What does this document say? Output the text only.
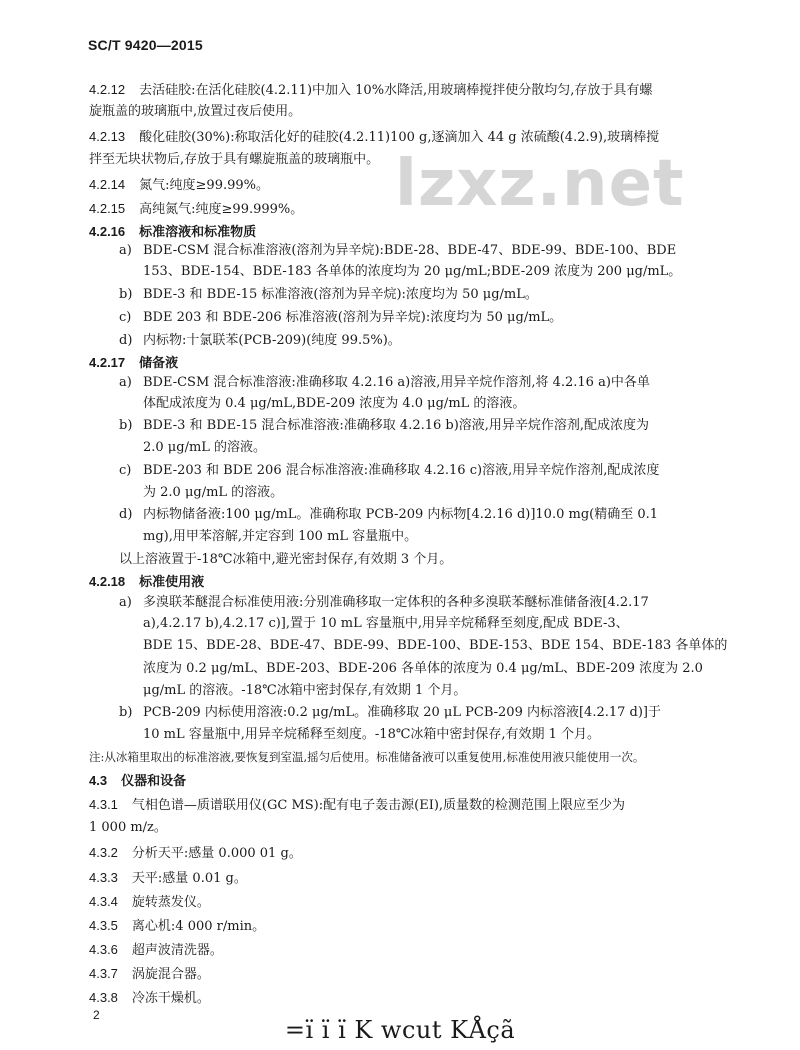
SC/T 9420—2015
lzxz.net
4.2.12 去活硅胶:在活化硅胶(4.2.11)中加入 10%水降活,用玻璃棒搅拌使分散均匀,存放于具有螺
旋瓶盖的玻璃瓶中,放置过夜后使用。
4.2.13 酸化硅胶(30%):称取活化好的硅胶(4.2.11)100 g,逐滴加入 44 g 浓硫酸(4.2.9),玻璃棒搅
拌至无块状物后,存放于具有螺旋瓶盖的玻璃瓶中。
4.2.14 氮气:纯度≥99.99%。
4.2.15 高纯氮气:纯度≥99.999%。
4.2.16 标准溶液和标准物质
a) BDE-CSM 混合标准溶液(溶剂为异辛烷):BDE-28、BDE-47、BDE-99、BDE-100、BDE
153、BDE-154、BDE-183 各单体的浓度均为 20 μg/mL;BDE-209 浓度为 200 μg/mL。
b) BDE-3 和 BDE-15 标准溶液(溶剂为异辛烷):浓度均为 50 μg/mL。
c) BDE 203 和 BDE-206 标准溶液(溶剂为异辛烷):浓度均为 50 μg/mL。
d) 内标物:十氯联苯(PCB-209)(纯度 99.5%)。
4.2.17 储备液
a) BDE-CSM 混合标准溶液:准确移取 4.2.16 a)溶液,用异辛烷作溶剂,将 4.2.16 a)中各单
体配成浓度为 0.4 μg/mL,BDE-209 浓度为 4.0 μg/mL 的溶液。
b) BDE-3 和 BDE-15 混合标准溶液:准确移取 4.2.16 b)溶液,用异辛烷作溶剂,配成浓度为
2.0 μg/mL 的溶液。
c) BDE-203 和 BDE 206 混合标准溶液:准确移取 4.2.16 c)溶液,用异辛烷作溶剂,配成浓度
为 2.0 μg/mL 的溶液。
d) 内标物储备液:100 μg/mL。准确称取 PCB-209 内标物[4.2.16 d)]10.0 mg(精确至 0.1
mg),用甲苯溶解,并定容到 100 mL 容量瓶中。
以上溶液置于-18℃冰箱中,避光密封保存,有效期 3 个月。
4.2.18 标准使用液
a) 多溴联苯醚混合标准使用液:分别准确移取一定体积的各种多溴联苯醚标准储备液[4.2.17
a),4.2.17 b),4.2.17 c)],置于 10 mL 容量瓶中,用异辛烷稀释至刻度,配成 BDE-3、
BDE 15、BDE-28、BDE-47、BDE-99、BDE-100、BDE-153、BDE 154、BDE-183 各单体的
浓度为 0.2 μg/mL、BDE-203、BDE-206 各单体的浓度为 0.4 μg/mL、BDE-209 浓度为 2.0
μg/mL 的溶液。-18℃冰箱中密封保存,有效期 1 个月。
b) PCB-209 内标使用溶液:0.2 μg/mL。准确移取 20 μL PCB-209 内标溶液[4.2.17 d)]于
10 mL 容量瓶中,用异辛烷稀释至刻度。-18℃冰箱中密封保存,有效期 1 个月。
注:从冰箱里取出的标准溶液,要恢复到室温,摇匀后使用。标准储备液可以重复使用,标准使用液只能使用一次。
4.3 仪器和设备
4.3.1 气相色谱—质谱联用仪(GC MS):配有电子轰击源(EI),质量数的检测范围上限应至少为
1 000 m/z。
4.3.2 分析天平:感量 0.000 01 g。
4.3.3 天平:感量 0.01 g。
4.3.4 旋转蒸发仪。
4.3.5 离心机:4 000 r/min。
4.3.6 超声波清洗器。
4.3.7 涡旋混合器。
4.3.8 冷冻干燥机。
2
=ï ï ï K wcut KÅçã
